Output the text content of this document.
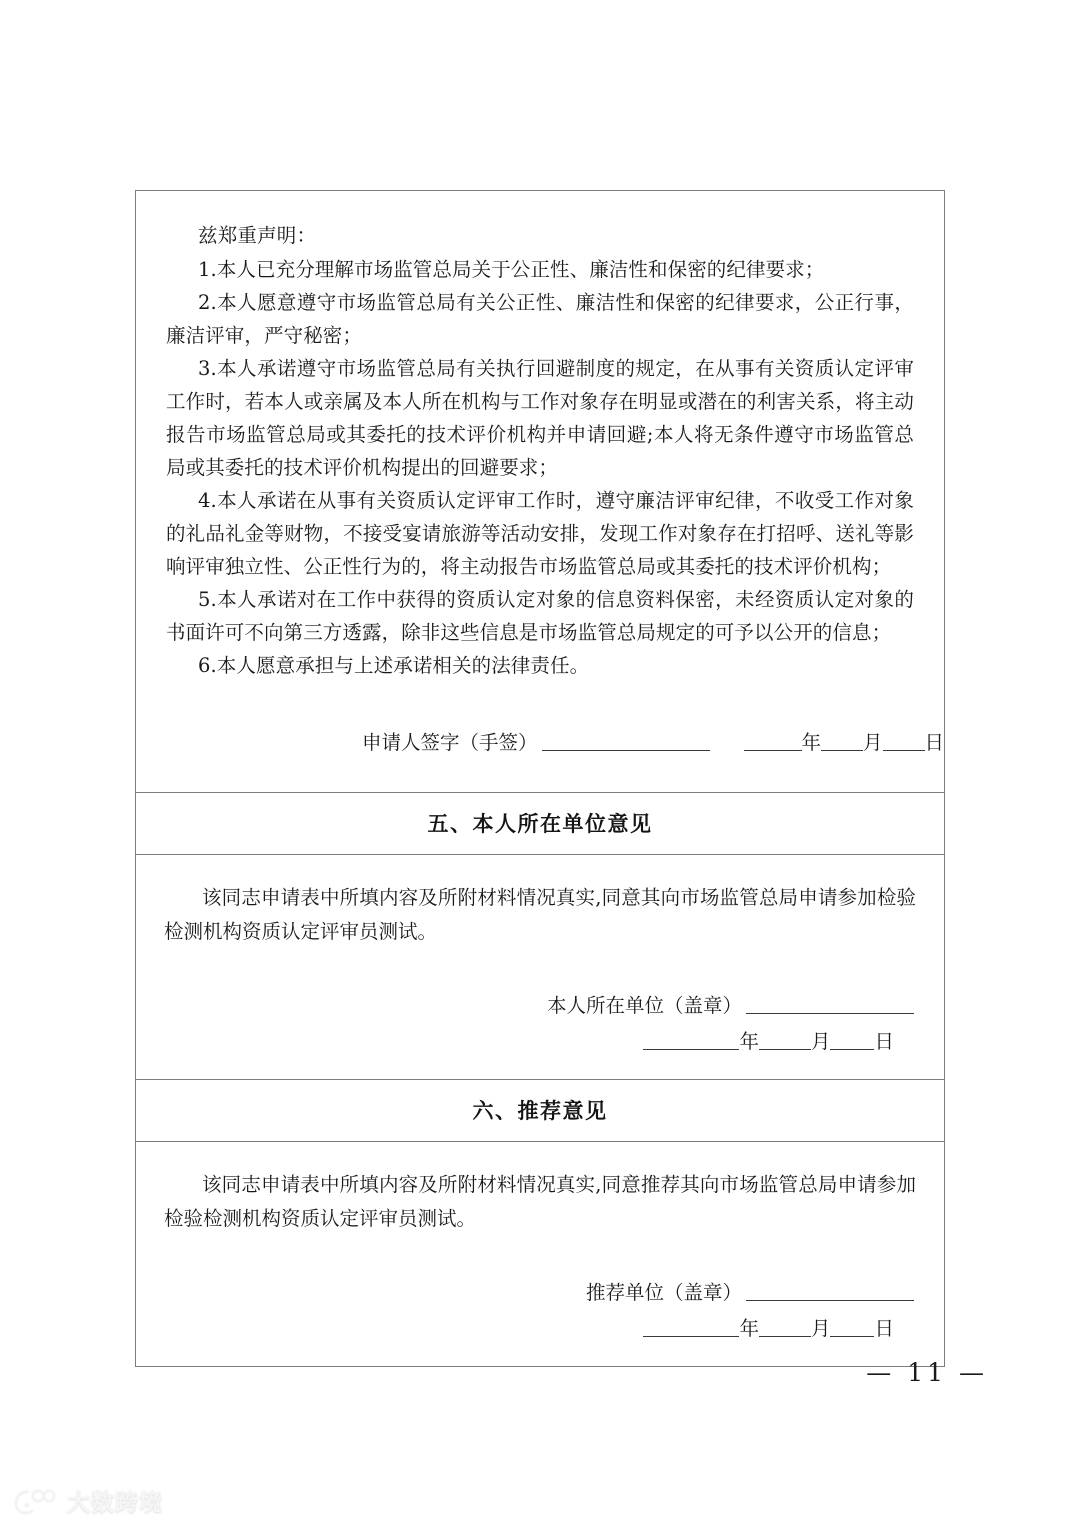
兹郑重声明：

1.本人已充分理解市场监管总局关于公正性、廉洁性和保密的纪律要求；

2.本人愿意遵守市场监管总局有关公正性、廉洁性和保密的纪律要求，公正行事，廉洁评审，严守秘密；

3.本人承诺遵守市场监管总局有关执行回避制度的规定，在从事有关资质认定评审工作时，若本人或亲属及本人所在机构与工作对象存在明显或潜在的利害关系，将主动报告市场监管总局或其委托的技术评价机构并申请回避;本人将无条件遵守市场监管总局或其委托的技术评价机构提出的回避要求；

4.本人承诺在从事有关资质认定评审工作时，遵守廉洁评审纪律，不收受工作对象的礼品礼金等财物，不接受宴请旅游等活动安排，发现工作对象存在打招呼、送礼等影响评审独立性、公正性行为的，将主动报告市场监管总局或其委托的技术评价机构；

5.本人承诺对在工作中获得的资质认定对象的信息资料保密，未经资质认定对象的书面许可不向第三方透露，除非这些信息是市场监管总局规定的可予以公开的信息；

6.本人愿意承担与上述承诺相关的法律责任。

申请人签字（手签）	年 月 日
五、本人所在单位意见

该同志申请表中所填内容及所附材料情况真实,同意其向市场监管总局申请参加检验检测机构资质认定评审员测试。

本人所在单位（盖章）
年	月 日
六、推荐意见

该同志申请表中所填内容及所附材料情况真实,同意推荐其向市场监管总局申请参加检验检测机构资质认定评审员测试。

推荐单位（盖章）
年	月 日
— 11 —
大数跨境
